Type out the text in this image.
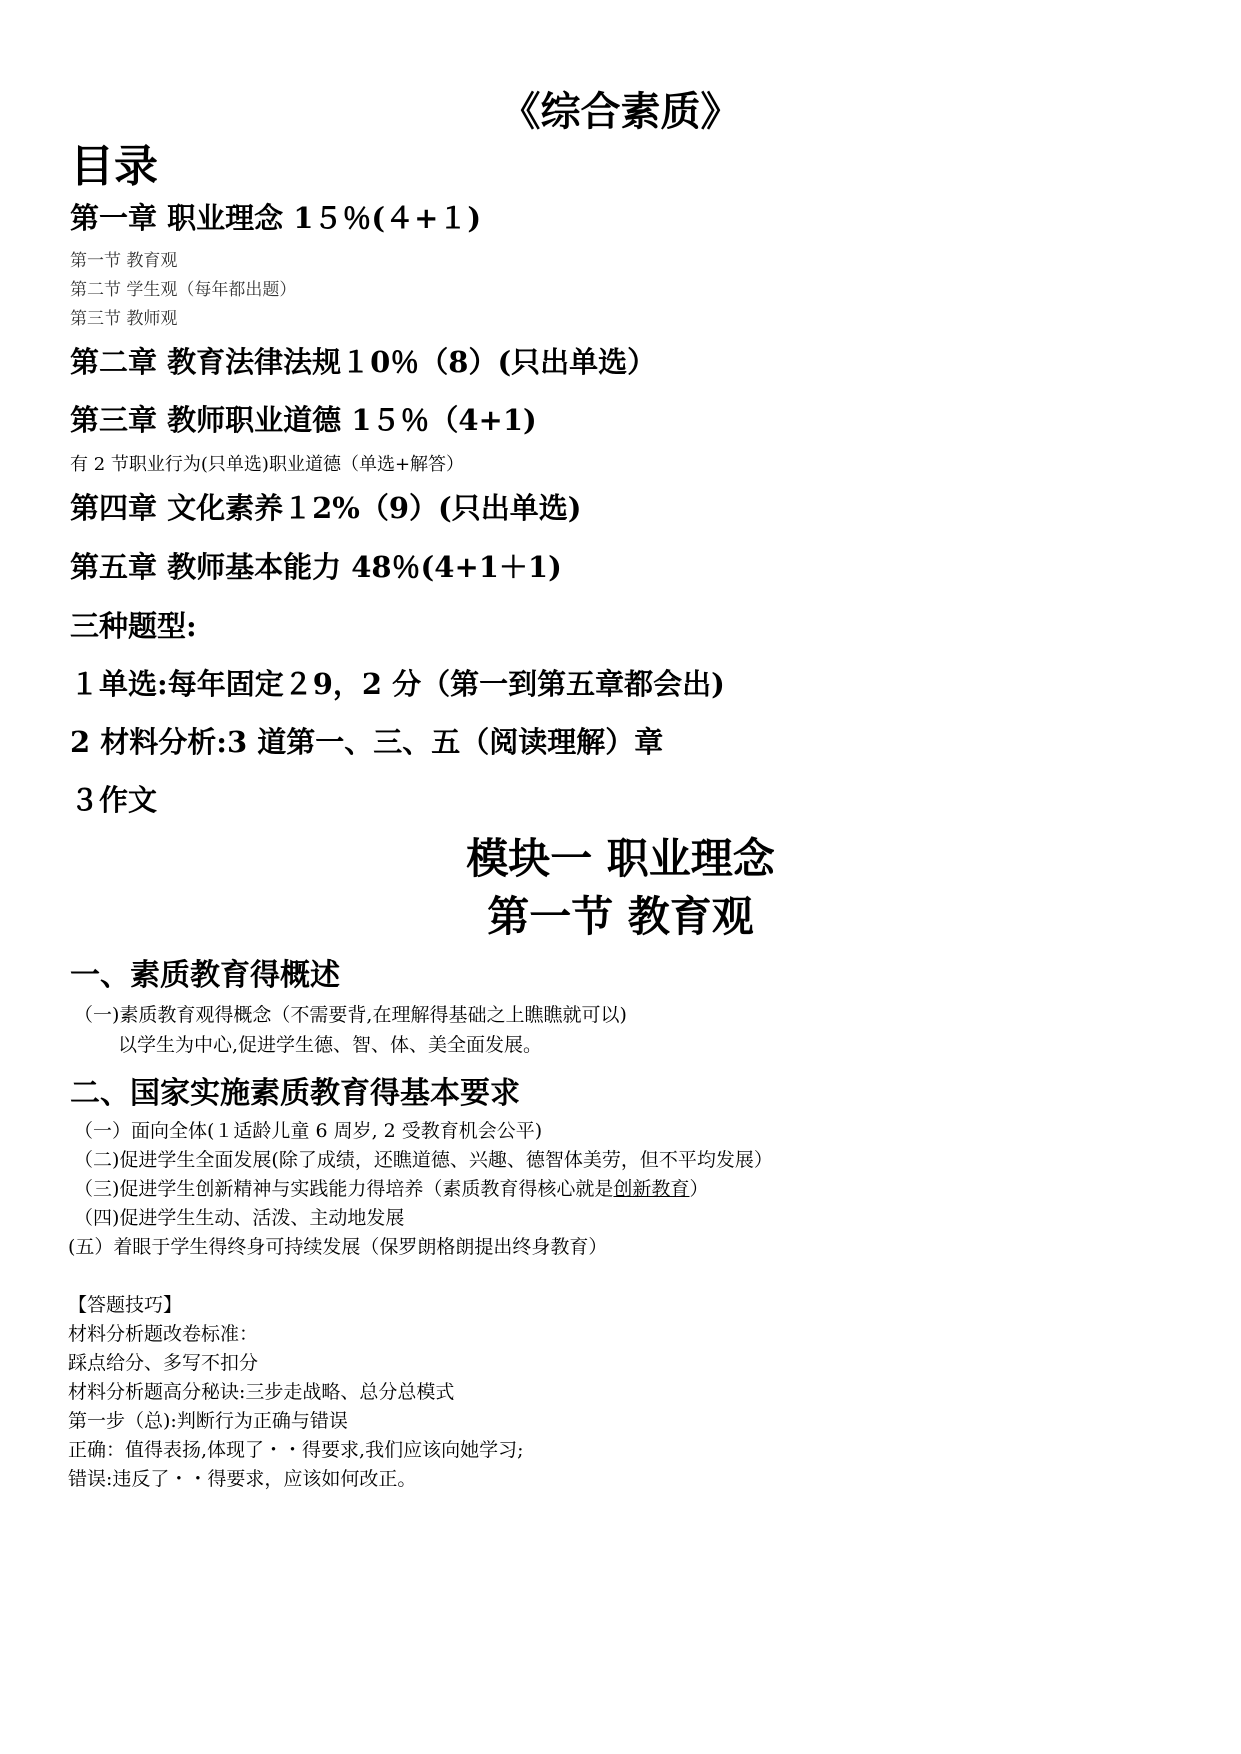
《综合素质》
目录
第一章 职业理念 1５％(４+１)
第一节 教育观
第二节 学生观（每年都出题）
第三节 教师观
第二章 教育法律法规１0％（8）(只出单选）
第三章 教师职业道德 1５％（4+1)
有 2 节职业行为(只单选)职业道德（单选+解答）
第四章 文化素养１2%（9）(只出单选)
第五章 教师基本能力 48％(4+1＋1)
三种题型:
１单选:每年固定２9，2 分（第一到第五章都会出)
2 材料分析:3 道第一、三、五（阅读理解）章
３作文
模块一 职业理念
第一节 教育观
一、素质教育得概述
（一)素质教育观得概念（不需要背,在理解得基础之上瞧瞧就可以)
以学生为中心,促进学生德、智、体、美全面发展。
二、国家实施素质教育得基本要求
（一）面向全体(１适龄儿童 6 周岁, 2 受教育机会公平)
（二)促进学生全面发展(除了成绩，还瞧道德、兴趣、德智体美劳，但不平均发展）
（三)促进学生创新精神与实践能力得培养（素质教育得核心就是创新教育）
（四)促进学生生动、活泼、主动地发展
(五）着眼于学生得终身可持续发展（保罗朗格朗提出终身教育）
【答题技巧】
材料分析题改卷标准：
踩点给分、多写不扣分
材料分析题高分秘诀:三步走战略、总分总模式
第一步（总):判断行为正确与错误
正确：值得表扬,体现了・・得要求,我们应该向她学习;
错误:违反了・・得要求，应该如何改正。
